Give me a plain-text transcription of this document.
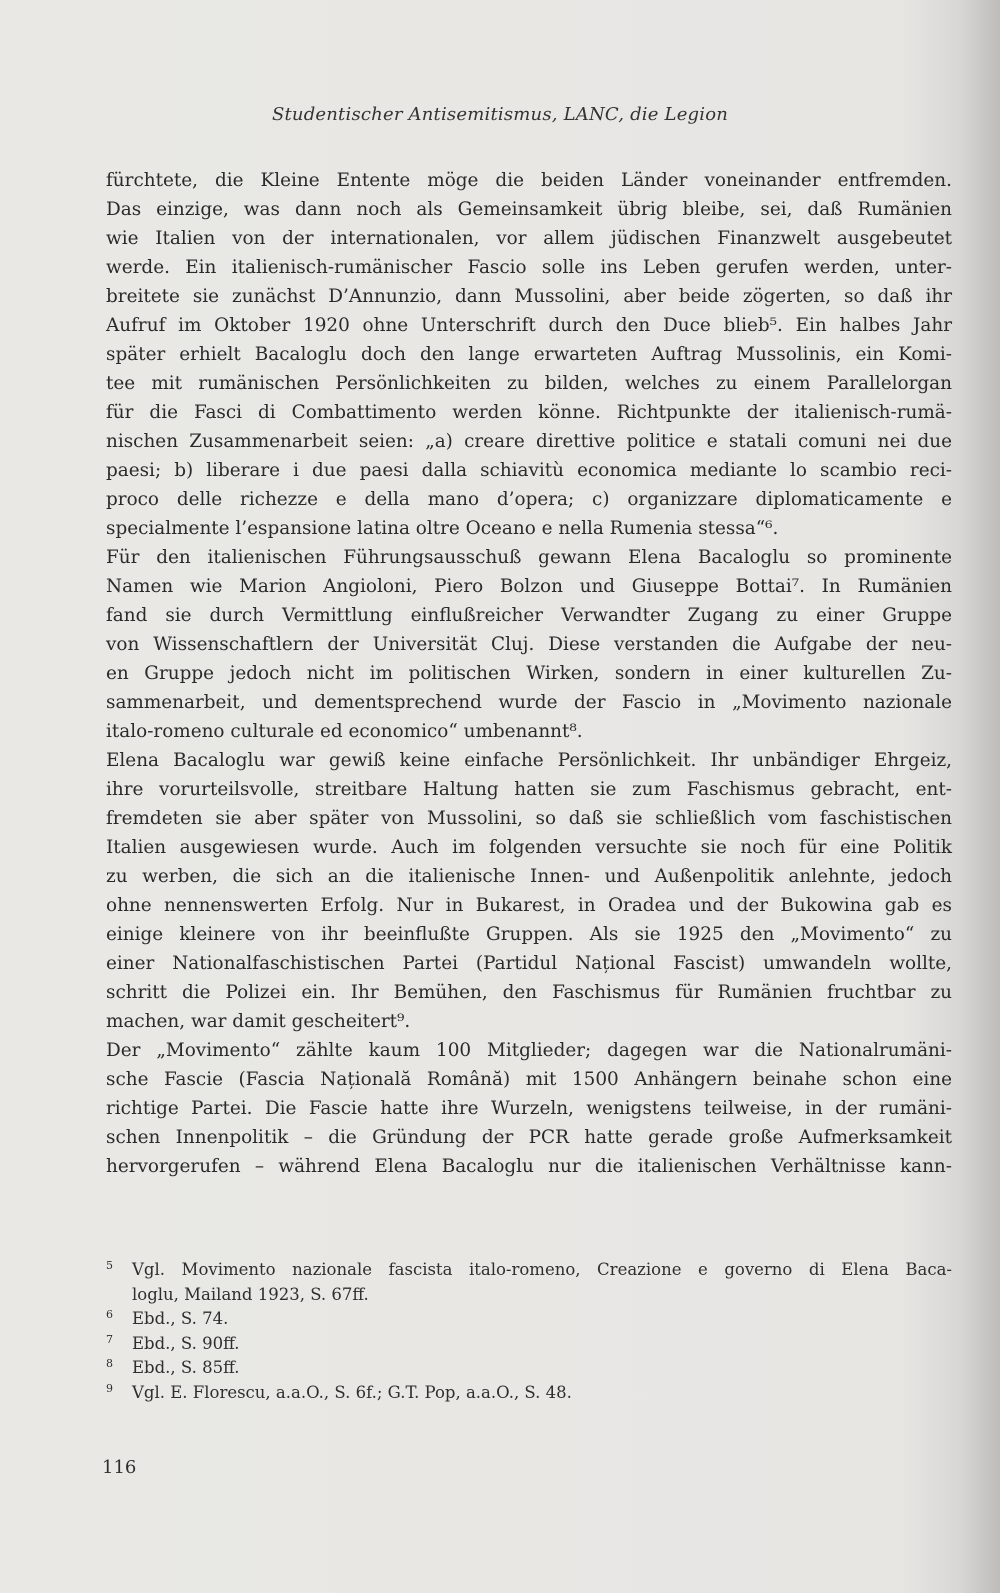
Studentischer Antisemitismus, LANC, die Legion
fürchtete, die Kleine Entente möge die beiden Länder voneinander entfremden.
Das einzige, was dann noch als Gemeinsamkeit übrig bleibe, sei, daß Rumänien
wie Italien von der internationalen, vor allem jüdischen Finanzwelt ausgebeutet
werde. Ein italienisch-rumänischer Fascio solle ins Leben gerufen werden, unter-
breitete sie zunächst D’Annunzio, dann Mussolini, aber beide zögerten, so daß ihr
Aufruf im Oktober 1920 ohne Unterschrift durch den Duce blieb⁵. Ein halbes Jahr
später erhielt Bacaloglu doch den lange erwarteten Auftrag Mussolinis, ein Komi-
tee mit rumänischen Persönlichkeiten zu bilden, welches zu einem Parallelorgan
für die Fasci di Combattimento werden könne. Richtpunkte der italienisch-rumä-
nischen Zusammenarbeit seien: „a) creare direttive politice e statali comuni nei due
paesi; b) liberare i due paesi dalla schiavitù economica mediante lo scambio reci-
proco delle richezze e della mano d’opera; c) organizzare diplomaticamente e
specialmente l’espansione latina oltre Oceano e nella Rumenia stessa“⁶.
Für den italienischen Führungsausschuß gewann Elena Bacaloglu so prominente
Namen wie Marion Angioloni, Piero Bolzon und Giuseppe Bottai⁷. In Rumänien
fand sie durch Vermittlung einflußreicher Verwandter Zugang zu einer Gruppe
von Wissenschaftlern der Universität Cluj. Diese verstanden die Aufgabe der neu-
en Gruppe jedoch nicht im politischen Wirken, sondern in einer kulturellen Zu-
sammenarbeit, und dementsprechend wurde der Fascio in „Movimento nazionale
italo-romeno culturale ed economico“ umbenannt⁸.
Elena Bacaloglu war gewiß keine einfache Persönlichkeit. Ihr unbändiger Ehrgeiz,
ihre vorurteilsvolle, streitbare Haltung hatten sie zum Faschismus gebracht, ent-
fremdeten sie aber später von Mussolini, so daß sie schließlich vom faschistischen
Italien ausgewiesen wurde. Auch im folgenden versuchte sie noch für eine Politik
zu werben, die sich an die italienische Innen- und Außenpolitik anlehnte, jedoch
ohne nennenswerten Erfolg. Nur in Bukarest, in Oradea und der Bukowina gab es
einige kleinere von ihr beeinflußte Gruppen. Als sie 1925 den „Movimento“ zu
einer Nationalfaschistischen Partei (Partidul Național Fascist) umwandeln wollte,
schritt die Polizei ein. Ihr Bemühen, den Faschismus für Rumänien fruchtbar zu
machen, war damit gescheitert⁹.
Der „Movimento“ zählte kaum 100 Mitglieder; dagegen war die Nationalrumäni-
sche Fascie (Fascia Națională Română) mit 1500 Anhängern beinahe schon eine
richtige Partei. Die Fascie hatte ihre Wurzeln, wenigstens teilweise, in der rumäni-
schen Innenpolitik – die Gründung der PCR hatte gerade große Aufmerksamkeit
hervorgerufen – während Elena Bacaloglu nur die italienischen Verhältnisse kann-
5 Vgl. Movimento nazionale fascista italo-romeno, Creazione e governo di Elena Baca-
loglu, Mailand 1923, S. 67ff.
6 Ebd., S. 74.
7 Ebd., S. 90ff.
8 Ebd., S. 85ff.
9 Vgl. E. Florescu, a.a.O., S. 6f.; G.T. Pop, a.a.O., S. 48.
116
